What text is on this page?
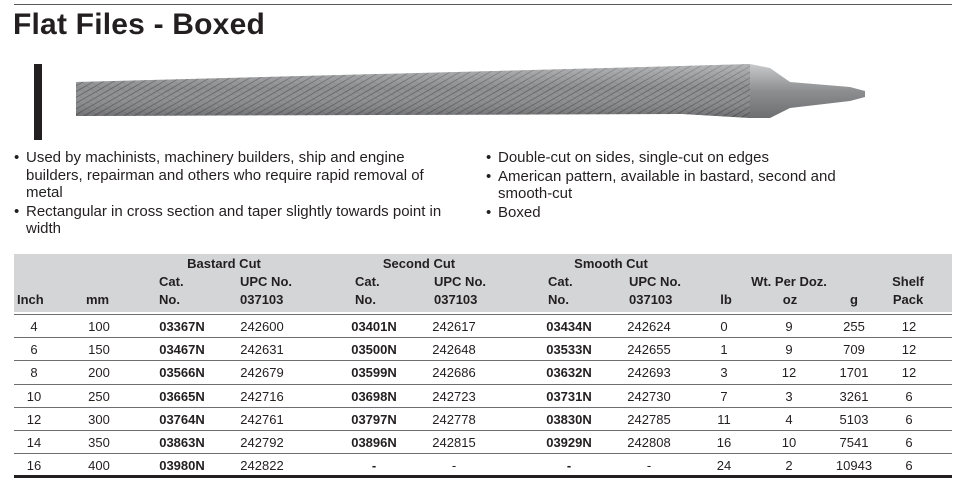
Flat Files - Boxed
• Used by machinists, machinery builders, ship and engine builders, repairman and others who require rapid removal of metal
• Rectangular in cross section and taper slightly towards point in width
• Double-cut on sides, single-cut on edges
• American pattern, available in bastard, second and smooth-cut
• Boxed
Bastard Cut	Second Cut	Smooth Cut
Cat.	UPC No.	Cat.	UPC No.	Cat.	UPC No.	Wt. Per Doz.	Shelf
Inch	mm	No.	037103	No.	037103	No.	037103	lb	oz	g	Pack
4	100	03367N	242600	03401N	242617	03434N	242624	0	9	255	12
6	150	03467N	242631	03500N	242648	03533N	242655	1	9	709	12
8	200	03566N	242679	03599N	242686	03632N	242693	3	12	1701	12
10	250	03665N	242716	03698N	242723	03731N	242730	7	3	3261	6
12	300	03764N	242761	03797N	242778	03830N	242785	11	4	5103	6
14	350	03863N	242792	03896N	242815	03929N	242808	16	10	7541	6
16	400	03980N	242822	-	-	-	-	24	2	10943	6
